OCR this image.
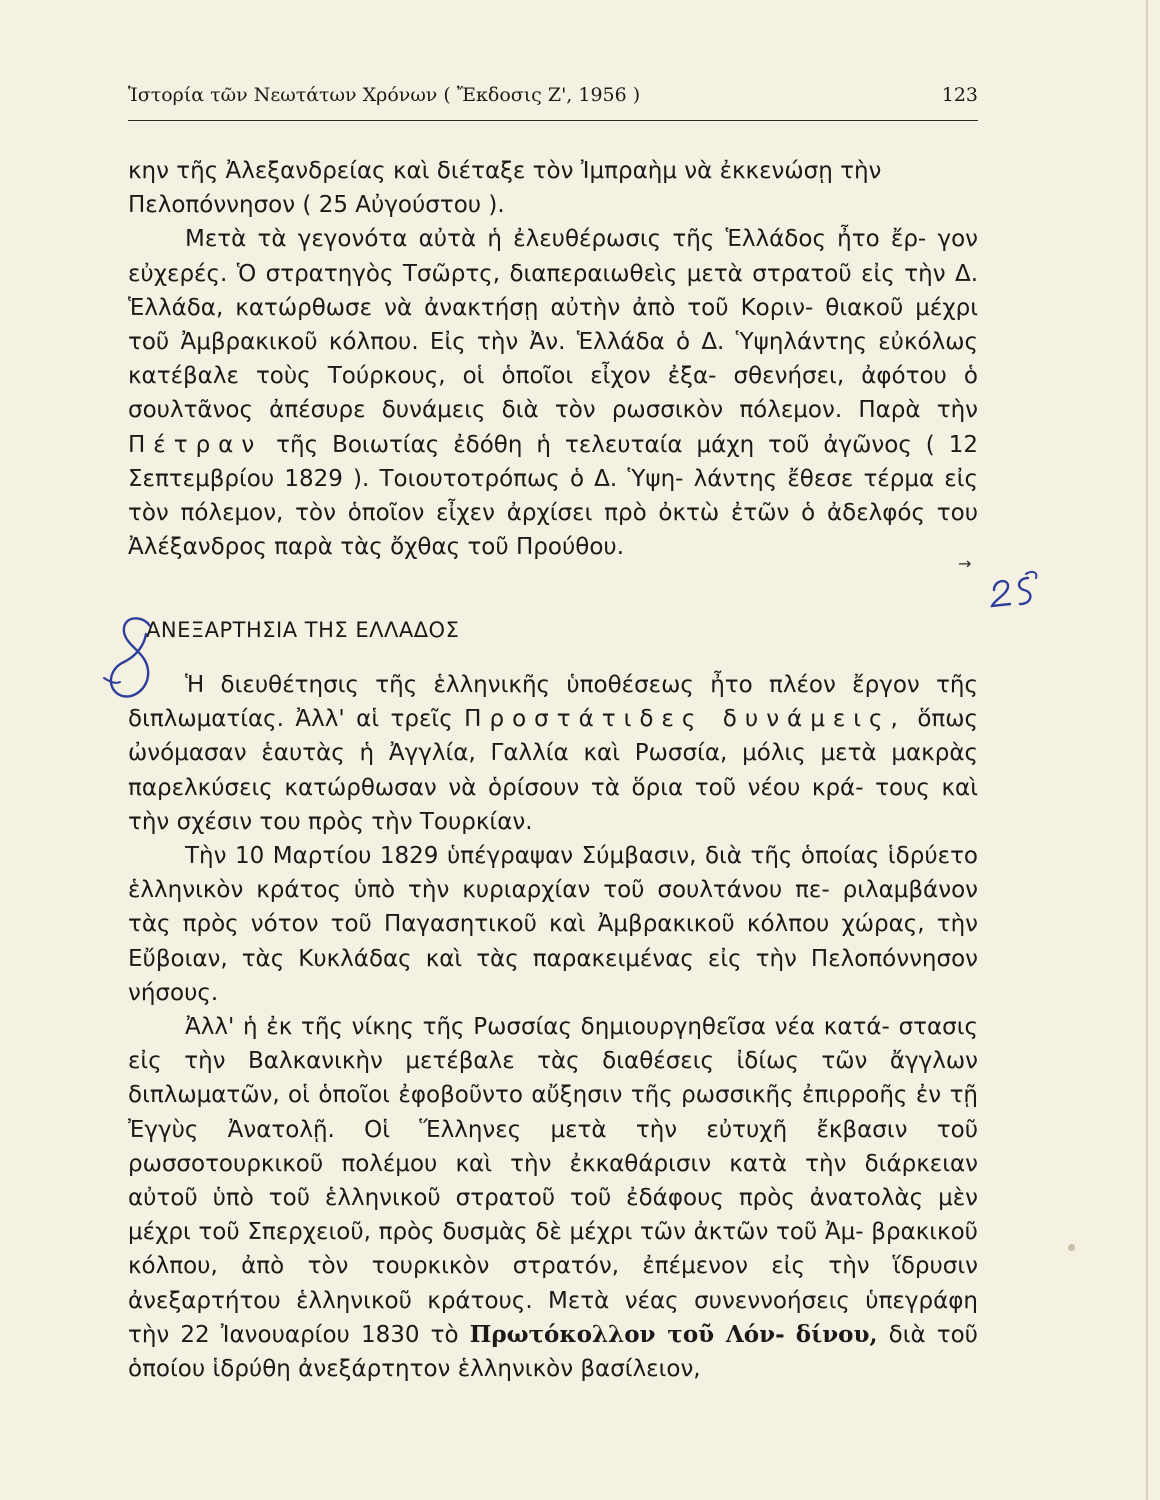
Ἱστορία τῶν Νεωτάτων Χρόνων ( Ἔκδοσις Ζ', 1956 )	123

κην τῆς Ἀλεξανδρείας καὶ διέταξε τὸν Ἰμπραὴμ νὰ ἐκκενώσῃ τὴν
Πελοπόννησον ( 25 Αὐγούστου ).

Μετὰ τὰ γεγονότα αὐτὰ ἡ ἐλευθέρωσις τῆς Ἑλλάδος ἦτο ἔρ- γον εὐχερές. Ὁ στρατηγὸς Τσῶρτς, διαπεραιωθεὶς μετὰ στρατοῦ εἰς τὴν Δ. Ἑλλάδα, κατώρθωσε νὰ ἀνακτήσῃ αὐτὴν ἀπὸ τοῦ Κοριν- θιακοῦ μέχρι τοῦ Ἀμβρακικοῦ κόλπου. Εἰς τὴν Ἀν. Ἑλλάδα ὁ Δ. Ὑψηλάντης εὐκόλως κατέβαλε τοὺς Τούρκους, οἱ ὁποῖοι εἶχον ἐξα- σθενήσει, ἀφότου ὁ σουλτᾶνος ἀπέσυρε δυνάμεις διὰ τὸν ρωσσικὸν πόλεμον. Παρὰ τὴν Πέτραν τῆς Βοιωτίας ἐδόθη ἡ τελευταία μάχη τοῦ ἀγῶνος ( 12 Σεπτεμβρίου 1829 ). Τοιουτοτρόπως ὁ Δ. Ὑψη- λάντης ἔθεσε τέρμα εἰς τὸν πόλεμον, τὸν ὁποῖον εἶχεν ἀρχίσει πρὸ ὀκτὼ ἐτῶν ὁ ἀδελφός του Ἀλέξανδρος παρὰ τὰς ὄχθας τοῦ Προύθου.

→
ΑΝΕΞΑΡΤΗΣΙΑ ΤΗΣ ΕΛΛΑΔΟΣ

Ἡ διευθέτησις τῆς ἑλληνικῆς ὑποθέσεως ἦτο πλέον ἔργον τῆς διπλωματίας. Ἀλλ' αἱ τρεῖς Προστάτιδες δυνάμεις, ὅπως ὠνόμασαν ἑαυτὰς ἡ Ἀγγλία, Γαλλία καὶ Ρωσσία, μόλις μετὰ μακρὰς παρελκύσεις κατώρθωσαν νὰ ὁρίσουν τὰ ὅρια τοῦ νέου κρά- τους καὶ τὴν σχέσιν του πρὸς τὴν Τουρκίαν.

Τὴν 10 Μαρτίου 1829 ὑπέγραψαν Σύμβασιν, διὰ τῆς ὁποίας ἱδρύετο ἑλληνικὸν κράτος ὑπὸ τὴν κυριαρχίαν τοῦ σουλτάνου πε- ριλαμβάνον τὰς πρὸς νότον τοῦ Παγασητικοῦ καὶ Ἀμβρακικοῦ κόλπου χώρας, τὴν Εὔβοιαν, τὰς Κυκλάδας καὶ τὰς παρακειμένας εἰς τὴν Πελοπόννησον νήσους.

Ἀλλ' ἡ ἐκ τῆς νίκης τῆς Ρωσσίας δημιουργηθεῖσα νέα κατά- στασις εἰς τὴν Βαλκανικὴν μετέβαλε τὰς διαθέσεις ἰδίως τῶν ἄγγλων διπλωματῶν, οἱ ὁποῖοι ἐφοβοῦντο αὔξησιν τῆς ρωσσικῆς ἐπιρροῆς ἐν τῇ Ἐγγὺς Ἀνατολῇ. Οἱ Ἕλληνες μετὰ τὴν εὐτυχῆ ἔκβασιν τοῦ ρωσσοτουρκικοῦ πολέμου καὶ τὴν ἐκκαθάρισιν κατὰ τὴν διάρκειαν αὐτοῦ ὑπὸ τοῦ ἑλληνικοῦ στρατοῦ τοῦ ἐδάφους πρὸς ἀνατολὰς μὲν μέχρι τοῦ Σπερχειοῦ, πρὸς δυσμὰς δὲ μέχρι τῶν ἀκτῶν τοῦ Ἀμ- βρακικοῦ κόλπου, ἀπὸ τὸν τουρκικὸν στρατόν, ἐπέμενον εἰς τὴν ἵδρυσιν ἀνεξαρτήτου ἑλληνικοῦ κράτους. Μετὰ νέας συνεννοήσεις ὑπεγράφη τὴν 22 Ἰανουαρίου 1830 τὸ Πρωτόκολλον τοῦ Λόν- δίνου, διὰ τοῦ ὁποίου ἱδρύθη ἀνεξάρτητον ἑλληνικὸν βασίλειον,
